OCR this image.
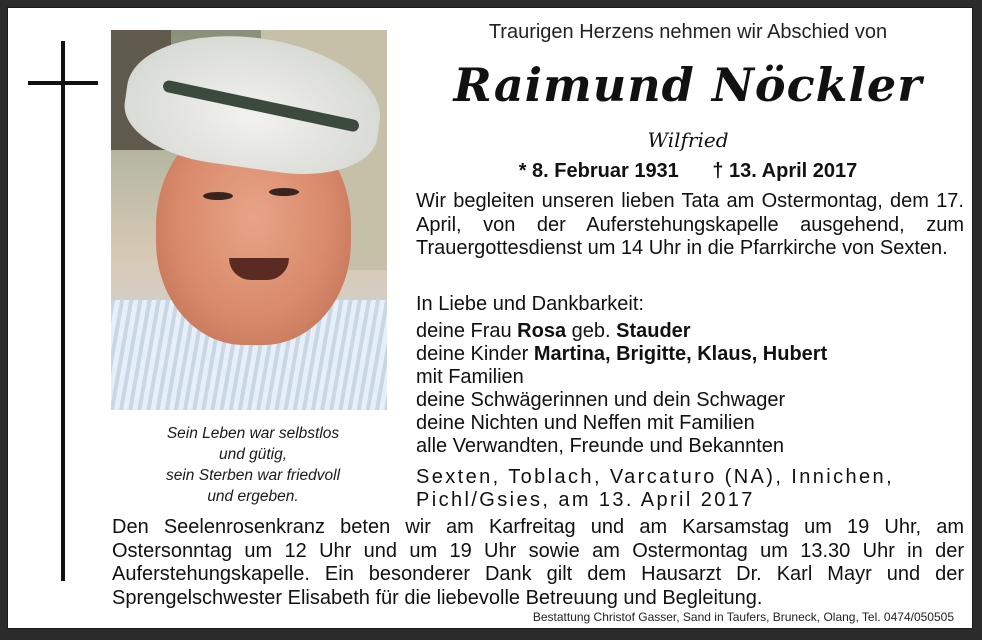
Sein Leben war selbstlos
und gütig,
sein Sterben war friedvoll
und ergeben.
Traurigen Herzens nehmen wir Abschied von
Raimund Nöckler
Wilfried
* 8. Februar 1931 † 13. April 2017
Wir begleiten unseren lieben Tata am Ostermontag, dem 17. April, von der Auferstehungskapelle ausgehend, zum Trauergottesdienst um 14 Uhr in die Pfarrkirche von Sexten.
In Liebe und Dankbarkeit:
deine Frau Rosa geb. Stauder
deine Kinder Martina, Brigitte, Klaus, Hubert
mit Familien
deine Schwägerinnen und dein Schwager
deine Nichten und Neffen mit Familien
alle Verwandten, Freunde und Bekannten
Sexten, Toblach, Varcaturo (NA), Innichen, Pichl/Gsies, am 13. April 2017
Den Seelenrosenkranz beten wir am Karfreitag und am Karsamstag um 19 Uhr, am Ostersonntag um 12 Uhr und um 19 Uhr sowie am Ostermontag um 13.30 Uhr in der Auferstehungskapelle. Ein besonderer Dank gilt dem Hausarzt Dr. Karl Mayr und der Sprengelschwester Elisabeth für die liebevolle Betreuung und Begleitung.
Bestattung Christof Gasser, Sand in Taufers, Bruneck, Olang, Tel. 0474/050505
